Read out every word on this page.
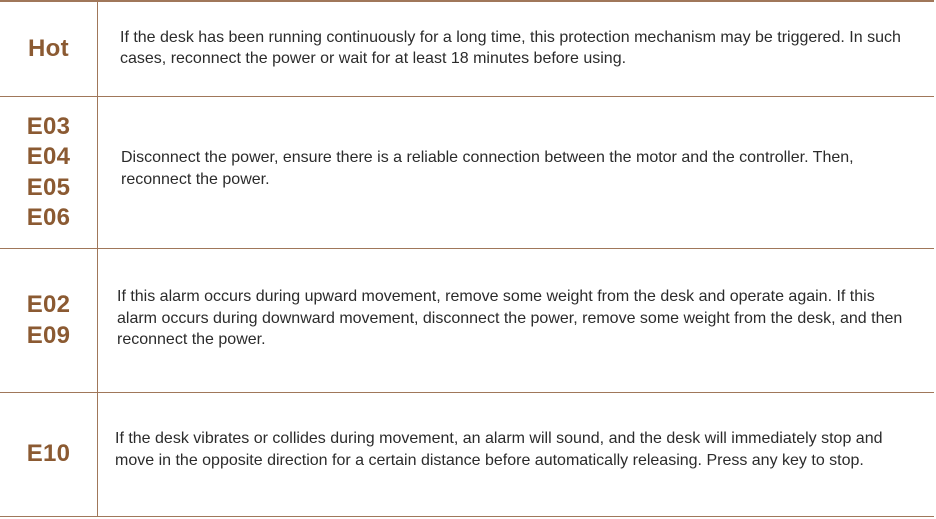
Hot	If the desk has been running continuously for a long time, this protection mechanism may be triggered. In such cases, reconnect the power or wait for at least 18 minutes before using.

E03
E04
E05
E06

Disconnect the power, ensure there is a reliable connection between the motor and the controller. Then, reconnect the power.

E02
E09

If this alarm occurs during upward movement, remove some weight from the desk and operate again. If this alarm occurs during downward movement, disconnect the power, remove some weight from the desk, and then reconnect the power.

E10

If the desk vibrates or collides during movement, an alarm will sound, and the desk will immediately stop and move in the opposite direction for a certain distance before automatically releasing. Press any key to stop.
